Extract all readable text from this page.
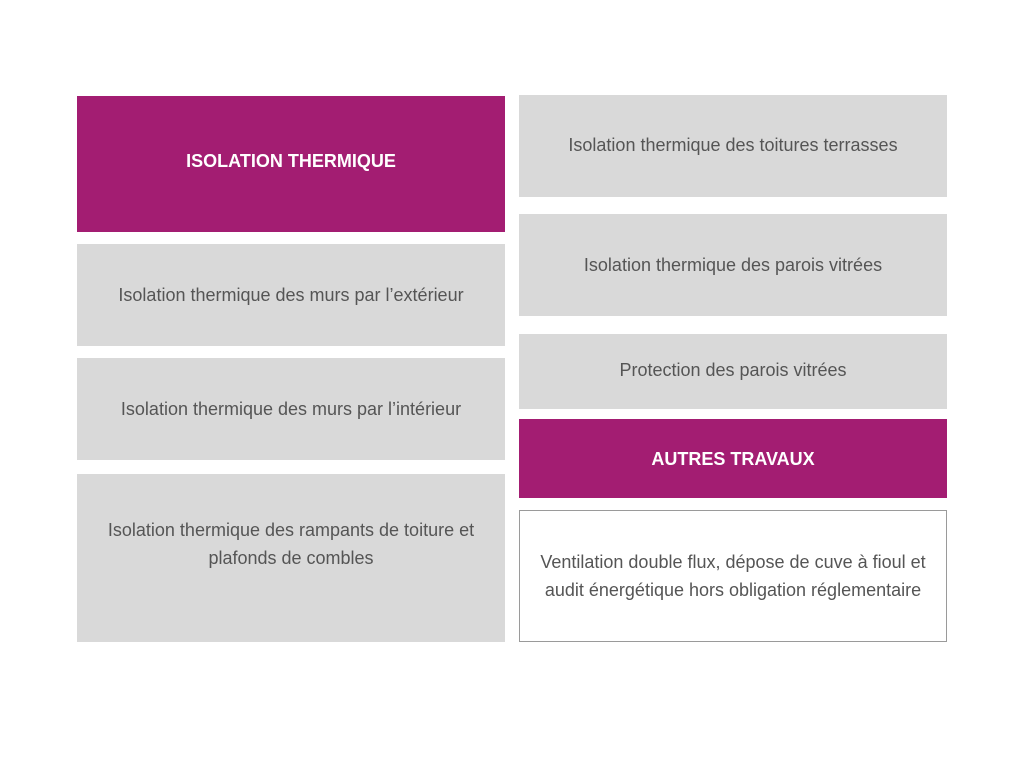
ISOLATION THERMIQUE
Isolation thermique des murs par l’extérieur
Isolation thermique des murs par l’intérieur
Isolation thermique des rampants de toiture et plafonds de combles
Isolation thermique des toitures terrasses
Isolation thermique des parois vitrées
Protection des parois vitrées
AUTRES TRAVAUX
Ventilation double flux, dépose de cuve à fioul et audit énergétique hors obligation réglementaire
